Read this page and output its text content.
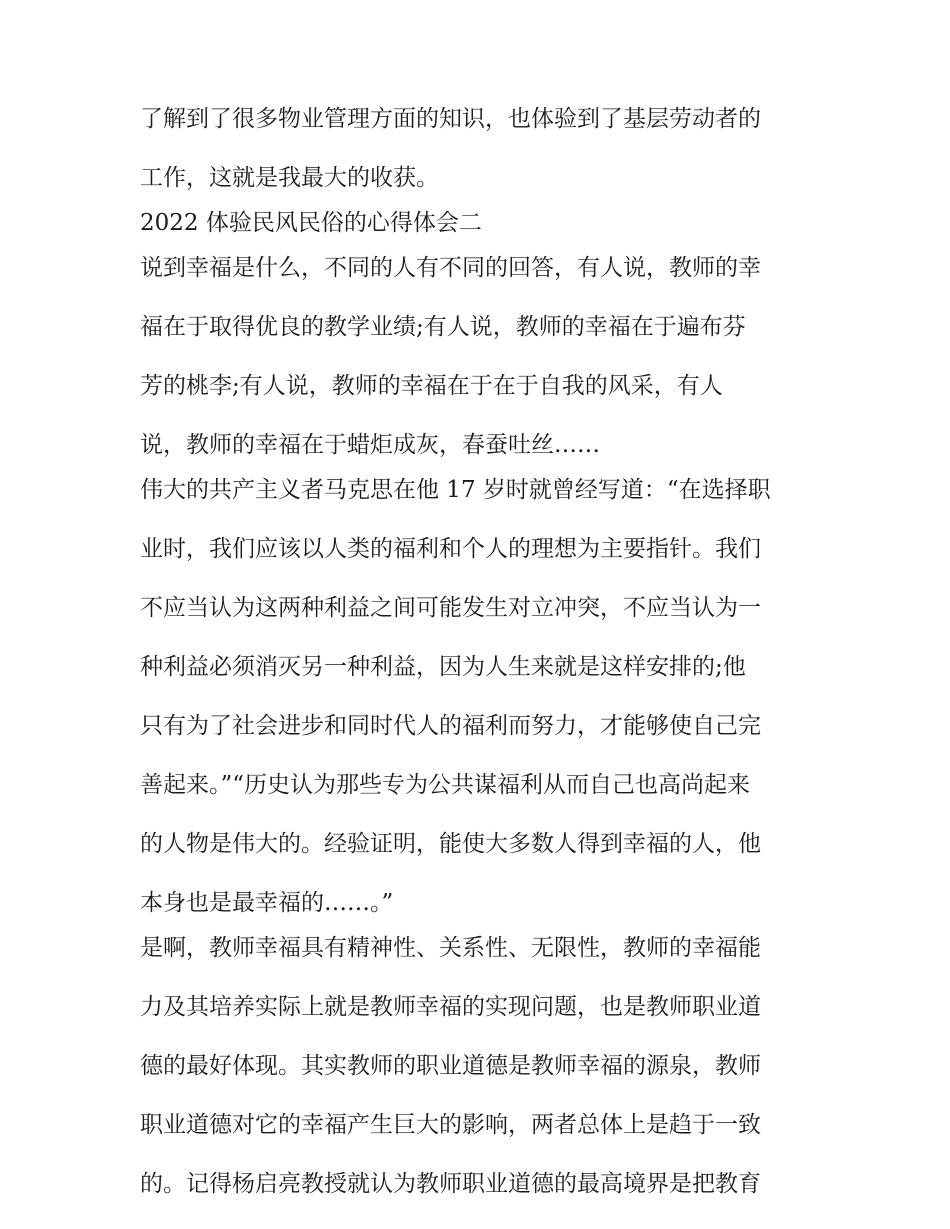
了解到了很多物业管理方面的知识，也体验到了基层劳动者的
工作，这就是我最大的收获。
2022 体验民风民俗的心得体会二
说到幸福是什么，不同的人有不同的回答，有人说，教师的幸
福在于取得优良的教学业绩;有人说，教师的幸福在于遍布芬
芳的桃李;有人说，教师的幸福在于在于自我的风采，有人
说，教师的幸福在于蜡炬成灰，春蚕吐丝……
伟大的共产主义者马克思在他 17 岁时就曾经写道：“在选择职
业时，我们应该以人类的福利和个人的理想为主要指针。我们
不应当认为这两种利益之间可能发生对立冲突，不应当认为一
种利益必须消灭另一种利益，因为人生来就是这样安排的;他
只有为了社会进步和同时代人的福利而努力，才能够使自己完
善起来。”“历史认为那些专为公共谋福利从而自己也高尚起来
的人物是伟大的。经验证明，能使大多数人得到幸福的人，他
本身也是最幸福的……。”
是啊，教师幸福具有精神性、关系性、无限性，教师的幸福能
力及其培养实际上就是教师幸福的实现问题，也是教师职业道
德的最好体现。其实教师的职业道德是教师幸福的源泉，教师
职业道德对它的幸福产生巨大的影响，两者总体上是趋于一致
的。记得杨启亮教授就认为教师职业道德的最高境界是把教育
